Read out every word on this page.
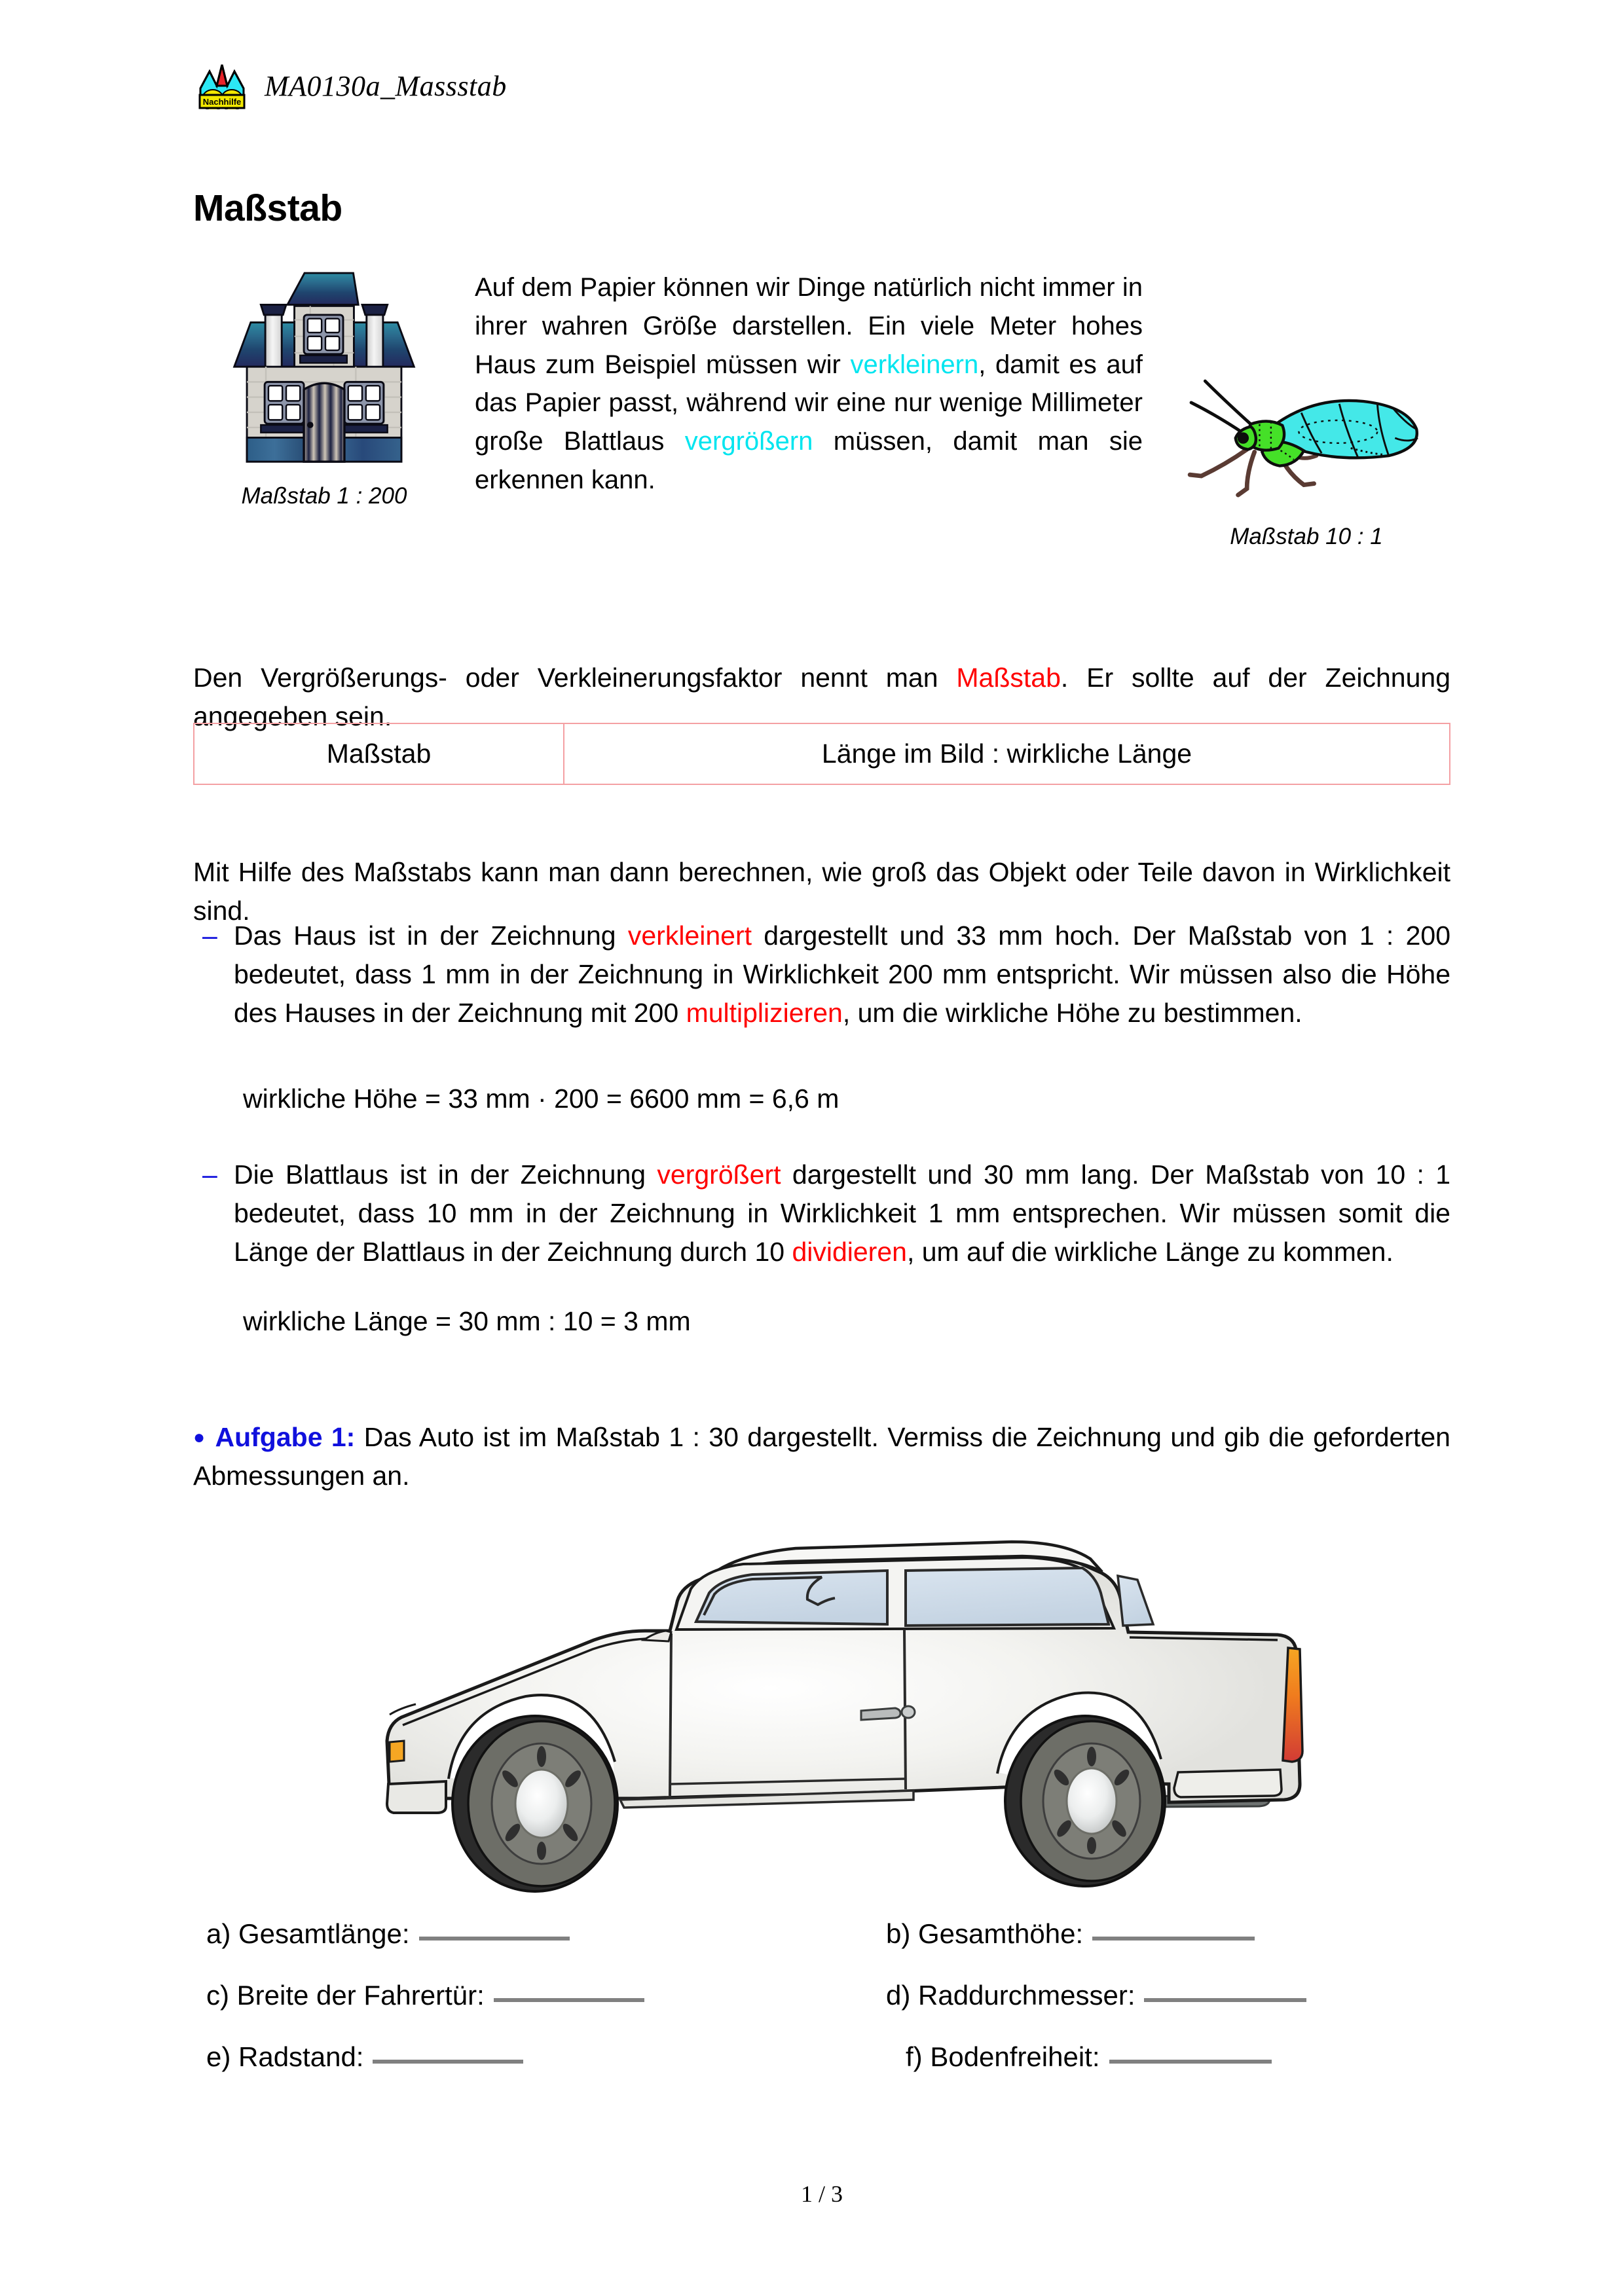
Nachhilfe MA0130a_Massstab
Maßstab
Maßstab 1 : 200
Auf dem Papier können wir Dinge natürlich nicht immer in ihrer wahren Größe darstellen. Ein viele Meter hohes Haus zum Beispiel müssen wir verkleinern, damit es auf das Papier passt, während wir eine nur wenige Millimeter große Blattlaus vergrößern müssen, damit man sie erkennen kann.
Maßstab 10 : 1

Den Vergrößerungs- oder Verkleinerungsfaktor nennt man Maßstab. Er sollte auf der Zeichnung angegeben sein.

Maßstab	Länge im Bild : wirkliche Länge

Mit Hilfe des Maßstabs kann man dann berechnen, wie groß das Objekt oder Teile davon in Wirklichkeit sind.

– Das Haus ist in der Zeichnung verkleinert dargestellt und 33 mm hoch. Der Maßstab von 1 : 200 bedeutet, dass 1 mm in der Zeichnung in Wirklichkeit 200 mm entspricht. Wir müssen also die Höhe des Hauses in der Zeichnung mit 200 multiplizieren, um die wirkliche Höhe zu bestimmen.
wirkliche Höhe = 33 mm · 200 = 6600 mm = 6,6 m
– Die Blattlaus ist in der Zeichnung vergrößert dargestellt und 30 mm lang. Der Maßstab von 10 : 1 bedeutet, dass 10 mm in der Zeichnung in Wirklichkeit 1 mm entsprechen. Wir müssen somit die Länge der Blattlaus in der Zeichnung durch 10 dividieren, um auf die wirkliche Länge zu kommen.
wirkliche Länge = 30 mm : 10 = 3 mm

● Aufgabe 1: Das Auto ist im Maßstab 1 : 30 dargestellt. Vermiss die Zeichnung und gib die geforderten Abmessungen an.

a) Gesamtlänge:	b) Gesamthöhe:
c) Breite der Fahrertür:	d) Raddurchmesser:
e) Radstand:	f) Bodenfreiheit:
1 / 3
